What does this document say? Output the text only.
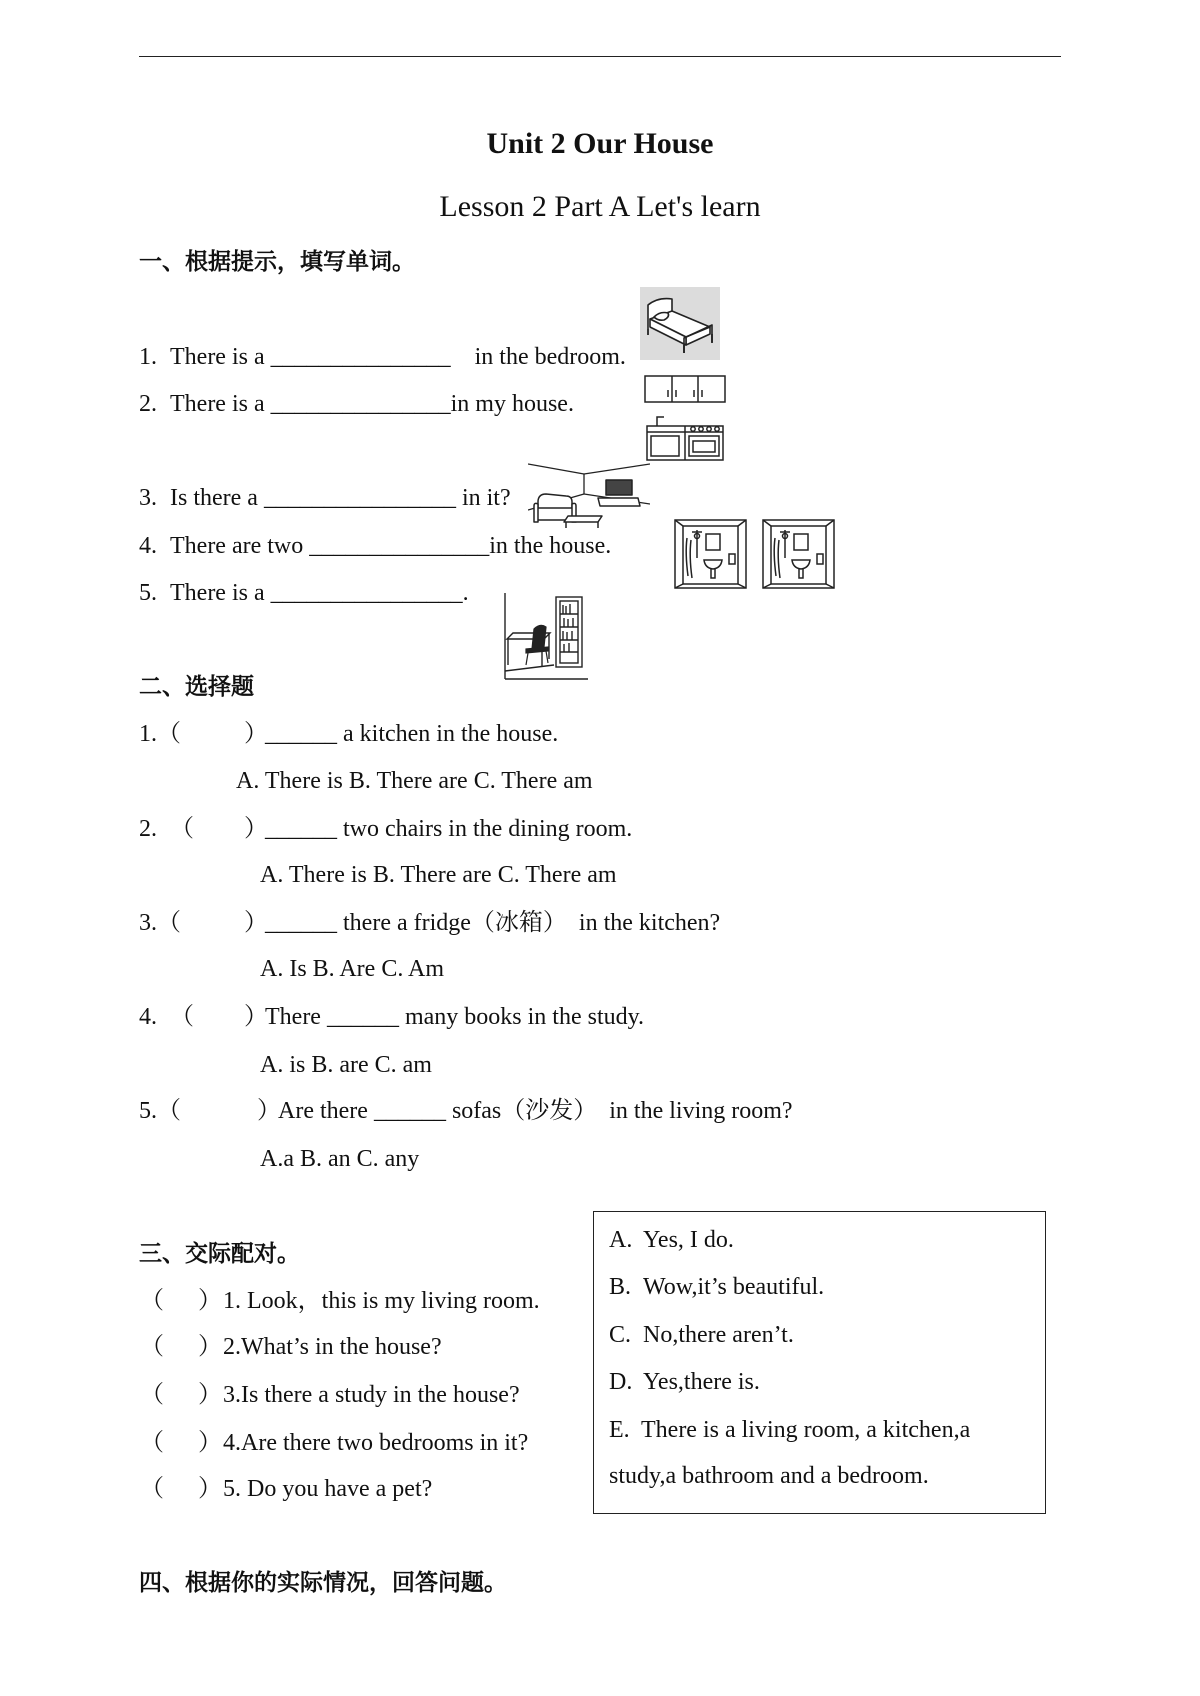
Unit 2 Our House
Lesson 2 Part A Let's learn
一、根据提示，填写单词。
1. There is a _______________    in the bedroom.
2. There is a _______________in my house.
3. Is there a ________________ in it?
4. There are two _______________in the house.
5. There is a ________________.
二、选择题
1. （	）
______ a kitchen in the house.
A. There is B. There are C. There am
2. （ ）
______ two chairs in the dining room.
A. There is B. There are C. There am
3. （	）
______ there a fridge（冰箱）  in the kitchen?
A. Is B. Are C. Am
4. （ ）
There ______ many books in the study.
A. is B. are C. am
5. （	）
Are there ______ sofas（沙发）  in the living room?
A.a B. an C. any
三、交际配对。
（ ） 1. Look，this is my living room.
（ ） 2.What’s in the house?
（ ） 3.Is there a study in the house?
（ ） 4.Are there two bedrooms in it?
（ ） 5. Do you have a pet?
A. Yes, I do.
B. Wow,it’s beautiful.
C. No,there aren’t.
D. Yes,there is.
E. There is a living room, a kitchen,a
study,a bathroom and a bedroom.
四、根据你的实际情况，回答问题。
